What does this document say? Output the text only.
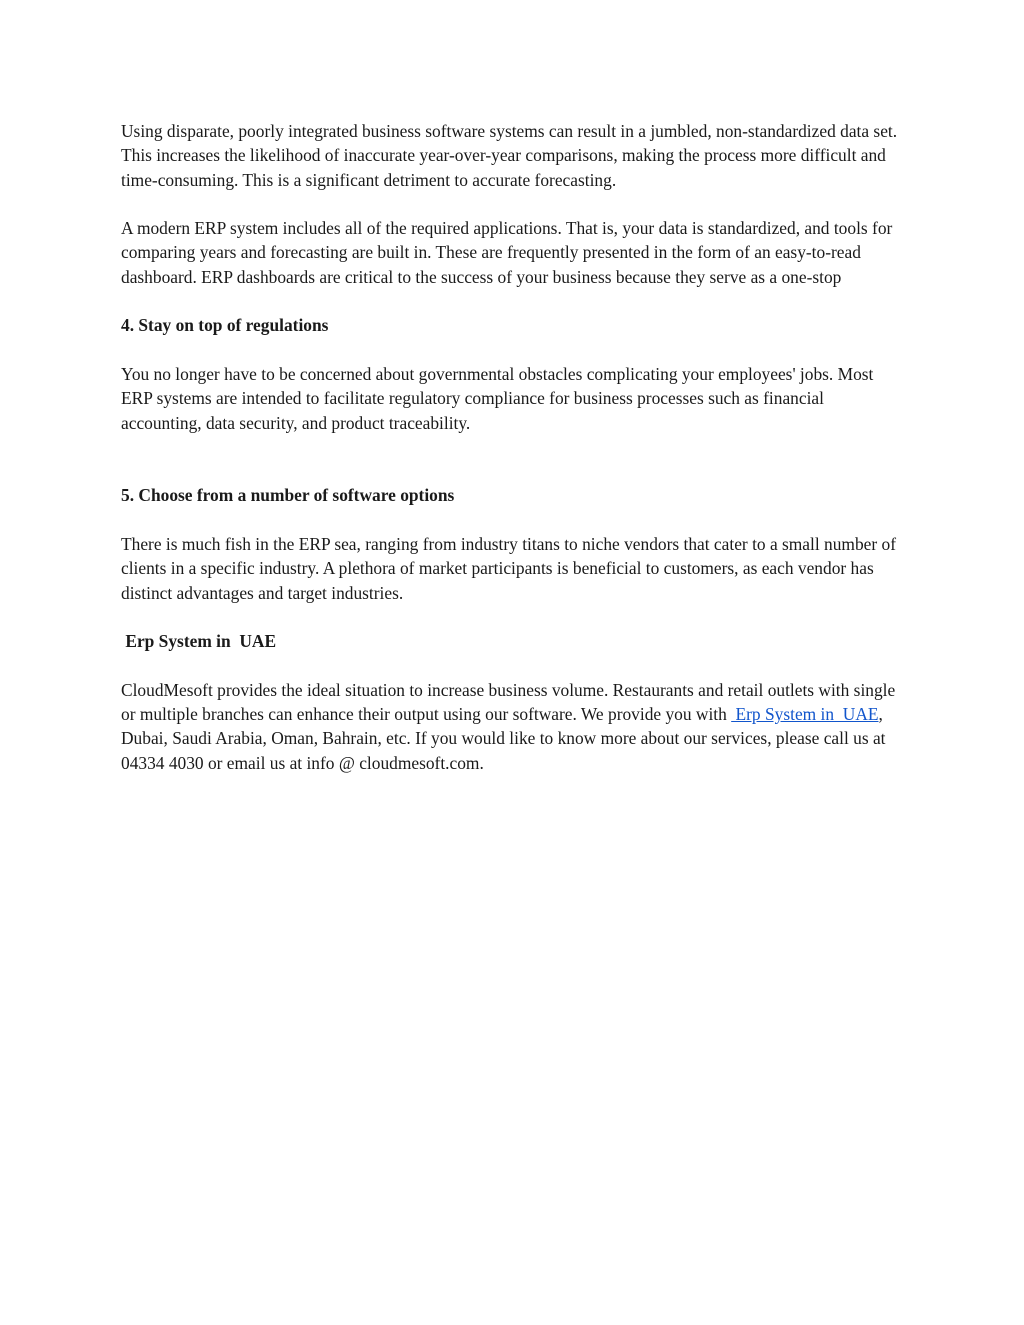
Using disparate, poorly integrated business software systems can result in a jumbled, non-standardized data set. This increases the likelihood of inaccurate year-over-year comparisons, making the process more difficult and time-consuming. This is a significant detriment to accurate forecasting.

A modern ERP system includes all of the required applications. That is, your data is standardized, and tools for comparing years and forecasting are built in. These are frequently presented in the form of an easy-to-read dashboard. ERP dashboards are critical to the success of your business because they serve as a one-stop

4. Stay on top of regulations

You no longer have to be concerned about governmental obstacles complicating your employees' jobs. Most ERP systems are intended to facilitate regulatory compliance for business processes such as financial accounting, data security, and product traceability.

5. Choose from a number of software options

There is much fish in the ERP sea, ranging from industry titans to niche vendors that cater to a small number of clients in a specific industry. A plethora of market participants is beneficial to customers, as each vendor has distinct advantages and target industries.

Erp System in  UAE

CloudMesoft provides the ideal situation to increase business volume. Restaurants and retail outlets with single or multiple branches can enhance their output using our software. We provide you with  Erp System in  UAE, Dubai, Saudi Arabia, Oman, Bahrain, etc. If you would like to know more about our services, please call us at 04334 4030 or email us at info @ cloudmesoft.com.
